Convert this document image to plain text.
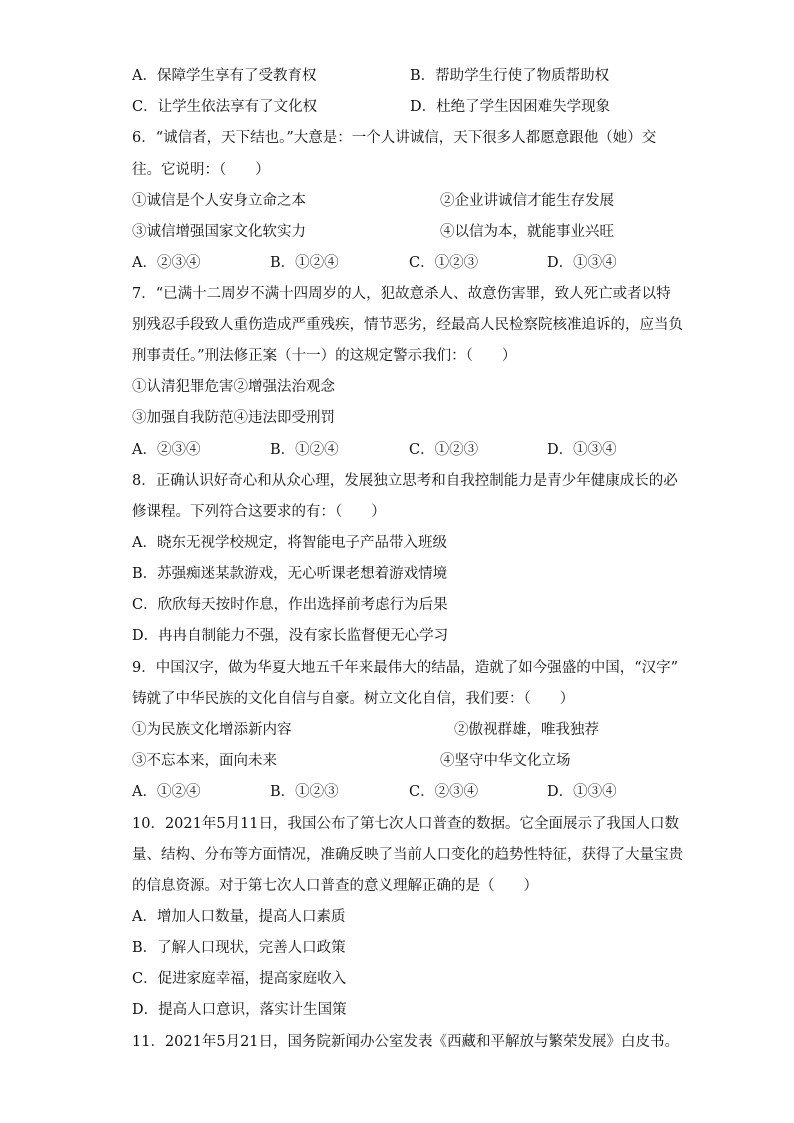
A．保障学生享有了受教育权	B．帮助学生行使了物质帮助权
C．让学生依法享有了文化权	D．杜绝了学生因困难失学现象
6．“诚信者，天下结也。”大意是：一个人讲诚信，天下很多人都愿意跟他（她）交
往。它说明：（　　）
①诚信是个人安身立命之本	②企业讲诚信才能生存发展
③诚信增强国家文化软实力	④以信为本，就能事业兴旺
A．②③④	B．①②④	C．①②③	D．①③④
7．“已满十二周岁不满十四周岁的人，犯故意杀人、故意伤害罪，致人死亡或者以特
别残忍手段致人重伤造成严重残疾，情节恶劣，经最高人民检察院核准追诉的，应当负
刑事责任。”刑法修正案（十一）的这规定警示我们：（　　）
①认清犯罪危害②增强法治观念
③加强自我防范④违法即受刑罚
A．②③④	B．①②④	C．①②③	D．①③④
8．正确认识好奇心和从众心理，发展独立思考和自我控制能力是青少年健康成长的必
修课程。下列符合这要求的有：（　　）
A．晓东无视学校规定，将智能电子产品带入班级
B．苏强痴迷某款游戏，无心听课老想着游戏情境
C．欣欣每天按时作息，作出选择前考虑行为后果
D．冉冉自制能力不强，没有家长监督便无心学习
9．中国汉字，做为华夏大地五千年来最伟大的结晶，造就了如今强盛的中国，“汉字”
铸就了中华民族的文化自信与自豪。树立文化自信，我们要：（　　）
①为民族文化增添新内容	②傲视群雄，唯我独荐
③不忘本来，面向未来	④坚守中华文化立场
A．①②④	B．①②③	C．②③④	D．①③④
10．2021年5月11日，我国公布了第七次人口普查的数据。它全面展示了我国人口数
量、结构、分布等方面情况，准确反映了当前人口变化的趋势性特征，获得了大量宝贵
的信息资源。对于第七次人口普查的意义理解正确的是（　　）
A．增加人口数量，提高人口素质
B．了解人口现状，完善人口政策
C．促进家庭幸福，提高家庭收入
D．提高人口意识，落实计生国策
11．2021年5月21日，国务院新闻办公室发表《西藏和平解放与繁荣发展》白皮书。
